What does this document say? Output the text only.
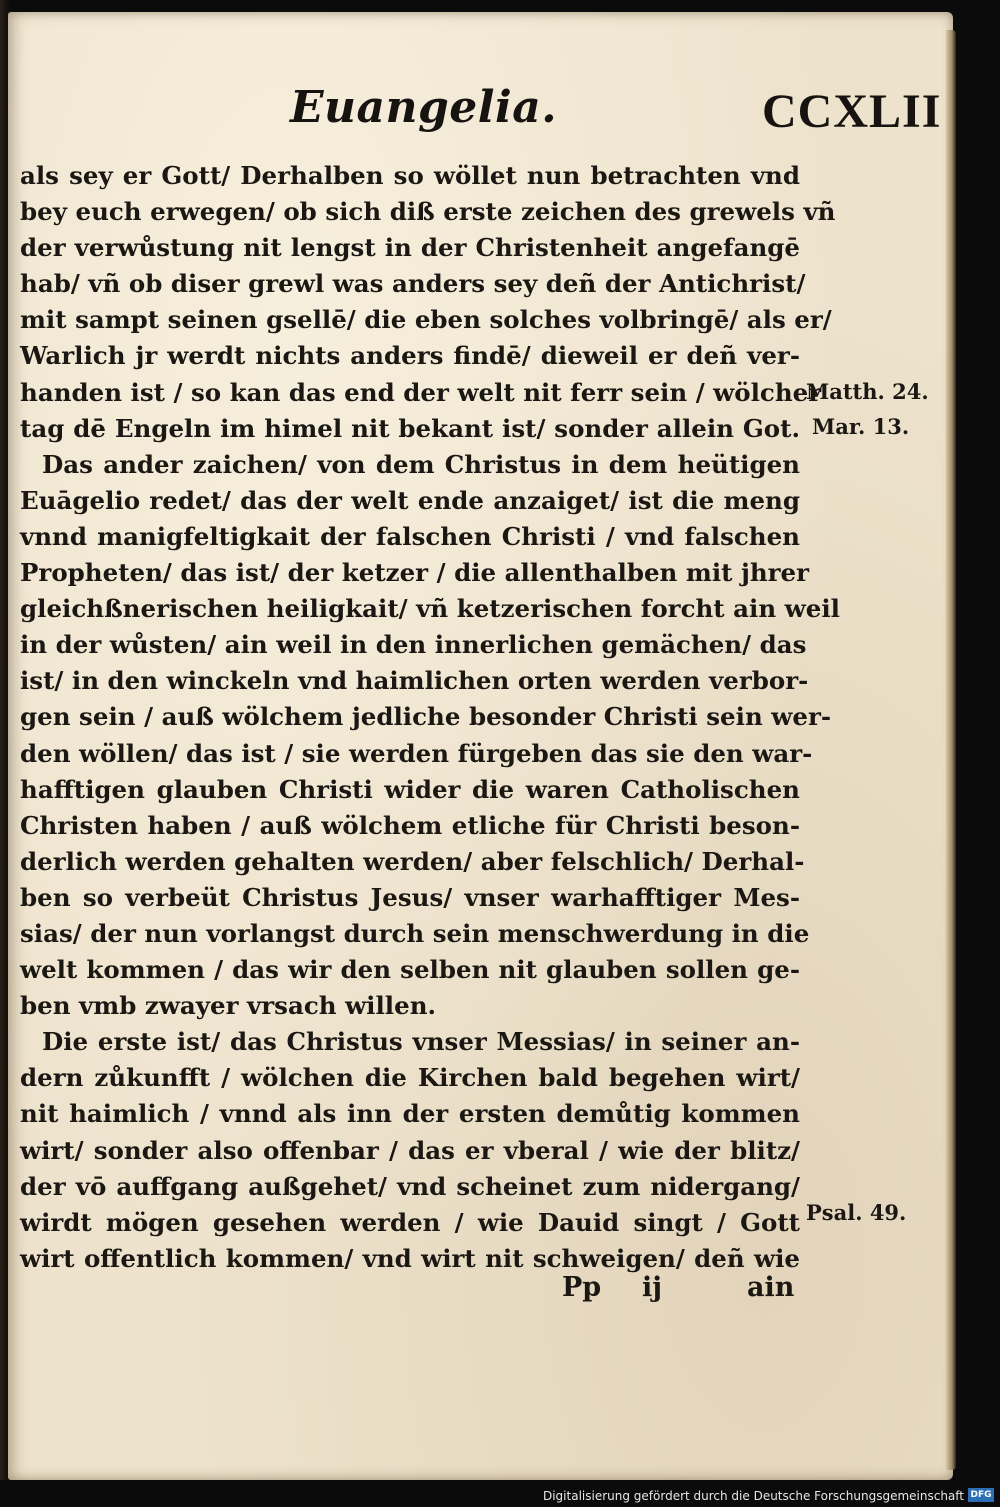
Euangelia.	CCXLII
als sey er Gott/ Derhalben so wöllet nun betrachten vnd
bey euch erwegen/ ob sich diß erste zeichen des grewels vñ
der verwůstung nit lengst in der Christenheit angefangē
hab/ vñ ob diser grewl was anders sey deñ der Antichrist/
mit sampt seinen gsellē/ die eben solches volbringē/ als er/
Warlich jr werdt nichts anders findē/ dieweil er deñ ver-
handen ist / so kan das end der welt nit ferr sein / wölcher
tag dē Engeln im himel nit bekant ist/ sonder allein Got.
Das ander zaichen/ von dem Christus in dem heütigen
Euāgelio redet/ das der welt ende anzaiget/ ist die meng
vnnd manigfeltigkait der falschen Christi / vnd falschen
Propheten/ das ist/ der ketzer / die allenthalben mit jhrer
gleichßnerischen heiligkait/ vñ ketzerischen forcht ain weil
in der wůsten/ ain weil in den innerlichen gemächen/ das
ist/ in den winckeln vnd haimlichen orten werden verbor-
gen sein / auß wölchem jedliche besonder Christi sein wer-
den wöllen/ das ist / sie werden fürgeben das sie den war-
hafftigen glauben Christi wider die waren Catholischen
Christen haben / auß wölchem etliche für Christi beson-
derlich werden gehalten werden/ aber felschlich/ Derhal-
ben so verbeüt Christus Jesus/ vnser warhafftiger Mes-
sias/ der nun vorlangst durch sein menschwerdung in die
welt kommen / das wir den selben nit glauben sollen ge-
ben vmb zwayer vrsach willen.
Die erste ist/ das Christus vnser Messias/ in seiner an-
dern zůkunfft / wölchen die Kirchen bald begehen wirt/
nit haimlich / vnnd als inn der ersten demůtig kommen
wirt/ sonder also offenbar / das er vberal / wie der blitz/
der vō auffgang außgehet/ vnd scheinet zum nidergang/
wirdt mögen gesehen werden / wie Dauid singt / Gott
wirt offentlich kommen/ vnd wirt nit schweigen/ deñ wie
Matth. 24.
Mar. 13.
Psal. 49.
Pp ij	ain
Digitalisierung gefördert durch die Deutsche Forschungsgemeinschaft DFG
